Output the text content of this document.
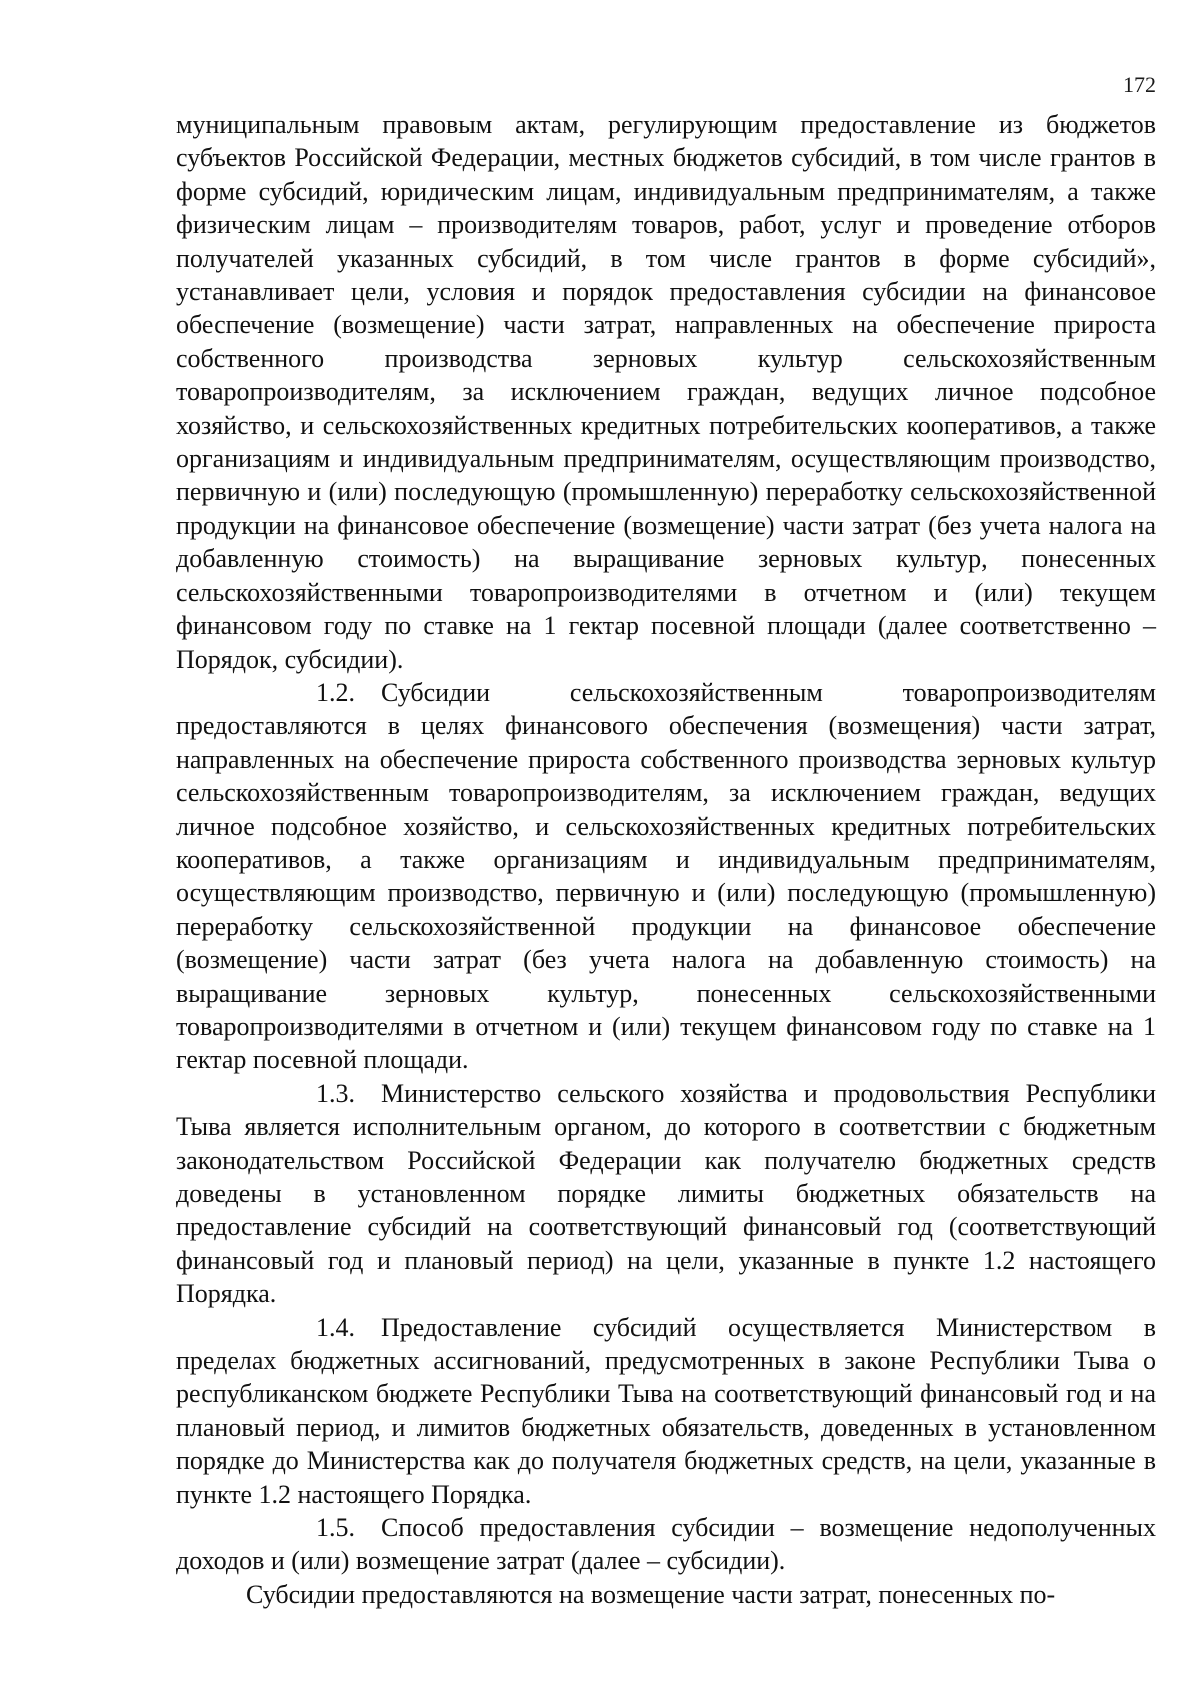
172

муниципальным правовым актам, регулирующим предоставление из бюджетов субъектов Российской Федерации, местных бюджетов субсидий, в том числе грантов в форме субсидий, юридическим лицам, индивидуальным предпринимателям, а также физическим лицам – производителям товаров, работ, услуг и проведение отборов получателей указанных субсидий, в том числе грантов в форме субсидий», устанавливает цели, условия и порядок предоставления субсидии на финансовое обеспечение (возмещение) части затрат, направленных на обеспечение прироста собственного производства зерновых культур сельскохозяйственным товаропроизводителям, за исключением граждан, ведущих личное подсобное хозяйство, и сельскохозяйственных кредитных потребительских кооперативов, а также организациям и индивидуальным предпринимателям, осуществляющим производство, первичную и (или) последующую (промышленную) переработку сельскохозяйственной продукции на финансовое обеспечение (возмещение) части затрат (без учета налога на добавленную стоимость) на выращивание зерновых культур, понесенных сельскохозяйственными товаропроизводителями в отчетном и (или) текущем финансовом году по ставке на 1 гектар посевной площади (далее соответственно – Порядок, субсидии).

1.2. Субсидии сельскохозяйственным товаропроизводителям предоставляются в целях финансового обеспечения (возмещения) части затрат, направленных на обеспечение прироста собственного производства зерновых культур сельскохозяйственным товаропроизводителям, за исключением граждан, ведущих личное подсобное хозяйство, и сельскохозяйственных кредитных потребительских кооперативов, а также организациям и индивидуальным предпринимателям, осуществляющим производство, первичную и (или) последующую (промышленную) переработку сельскохозяйственной продукции на финансовое обеспечение (возмещение) части затрат (без учета налога на добавленную стоимость) на выращивание зерновых культур, понесенных сельскохозяйственными товаропроизводителями в отчетном и (или) текущем финансовом году по ставке на 1 гектар посевной площади.

1.3. Министерство сельского хозяйства и продовольствия Республики Тыва является исполнительным органом, до которого в соответствии с бюджетным законодательством Российской Федерации как получателю бюджетных средств доведены в установленном порядке лимиты бюджетных обязательств на предоставление субсидий на соответствующий финансовый год (соответствующий финансовый год и плановый период) на цели, указанные в пункте 1.2 настоящего Порядка.

1.4. Предоставление субсидий осуществляется Министерством в пределах бюджетных ассигнований, предусмотренных в законе Республики Тыва о республиканском бюджете Республики Тыва на соответствующий финансовый год и на плановый период, и лимитов бюджетных обязательств, доведенных в установленном порядке до Министерства как до получателя бюджетных средств, на цели, указанные в пункте 1.2 настоящего Порядка.

1.5. Способ предоставления субсидии – возмещение недополученных доходов и (или) возмещение затрат (далее – субсидии).

Субсидии предоставляются на возмещение части затрат, понесенных по-
